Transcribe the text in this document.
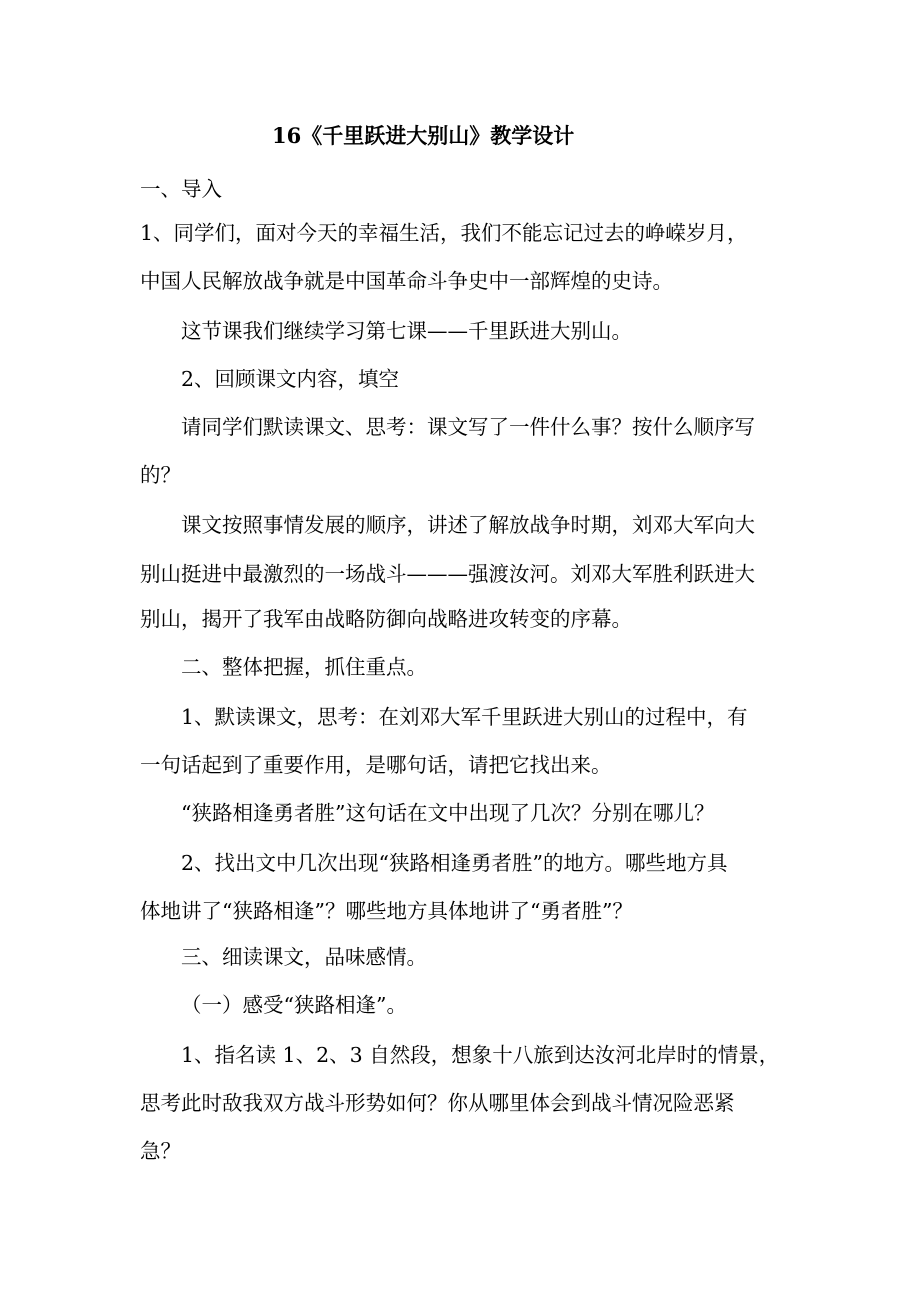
16《千里跃进大别山》教学设计
一、导入
1、同学们，面对今天的幸福生活，我们不能忘记过去的峥嵘岁月，
中国人民解放战争就是中国革命斗争史中一部辉煌的史诗。
这节课我们继续学习第七课——千里跃进大别山。
2、回顾课文内容，填空
请同学们默读课文、思考：课文写了一件什么事？按什么顺序写
的？
课文按照事情发展的顺序，讲述了解放战争时期，刘邓大军向大
别山挺进中最激烈的一场战斗———强渡汝河。刘邓大军胜利跃进大
别山，揭开了我军由战略防御向战略进攻转变的序幕。
二、整体把握，抓住重点。
1、默读课文，思考：在刘邓大军千里跃进大别山的过程中，有
一句话起到了重要作用，是哪句话，请把它找出来。
“狭路相逢勇者胜”这句话在文中出现了几次？分别在哪儿？
2、找出文中几次出现“狭路相逢勇者胜”的地方。哪些地方具
体地讲了“狭路相逢”？哪些地方具体地讲了“勇者胜”？
三、细读课文，品味感情。
（一）感受“狭路相逢”。
1、指名读 1、2、3 自然段，想象十八旅到达汝河北岸时的情景，
思考此时敌我双方战斗形势如何？你从哪里体会到战斗情况险恶紧
急？
